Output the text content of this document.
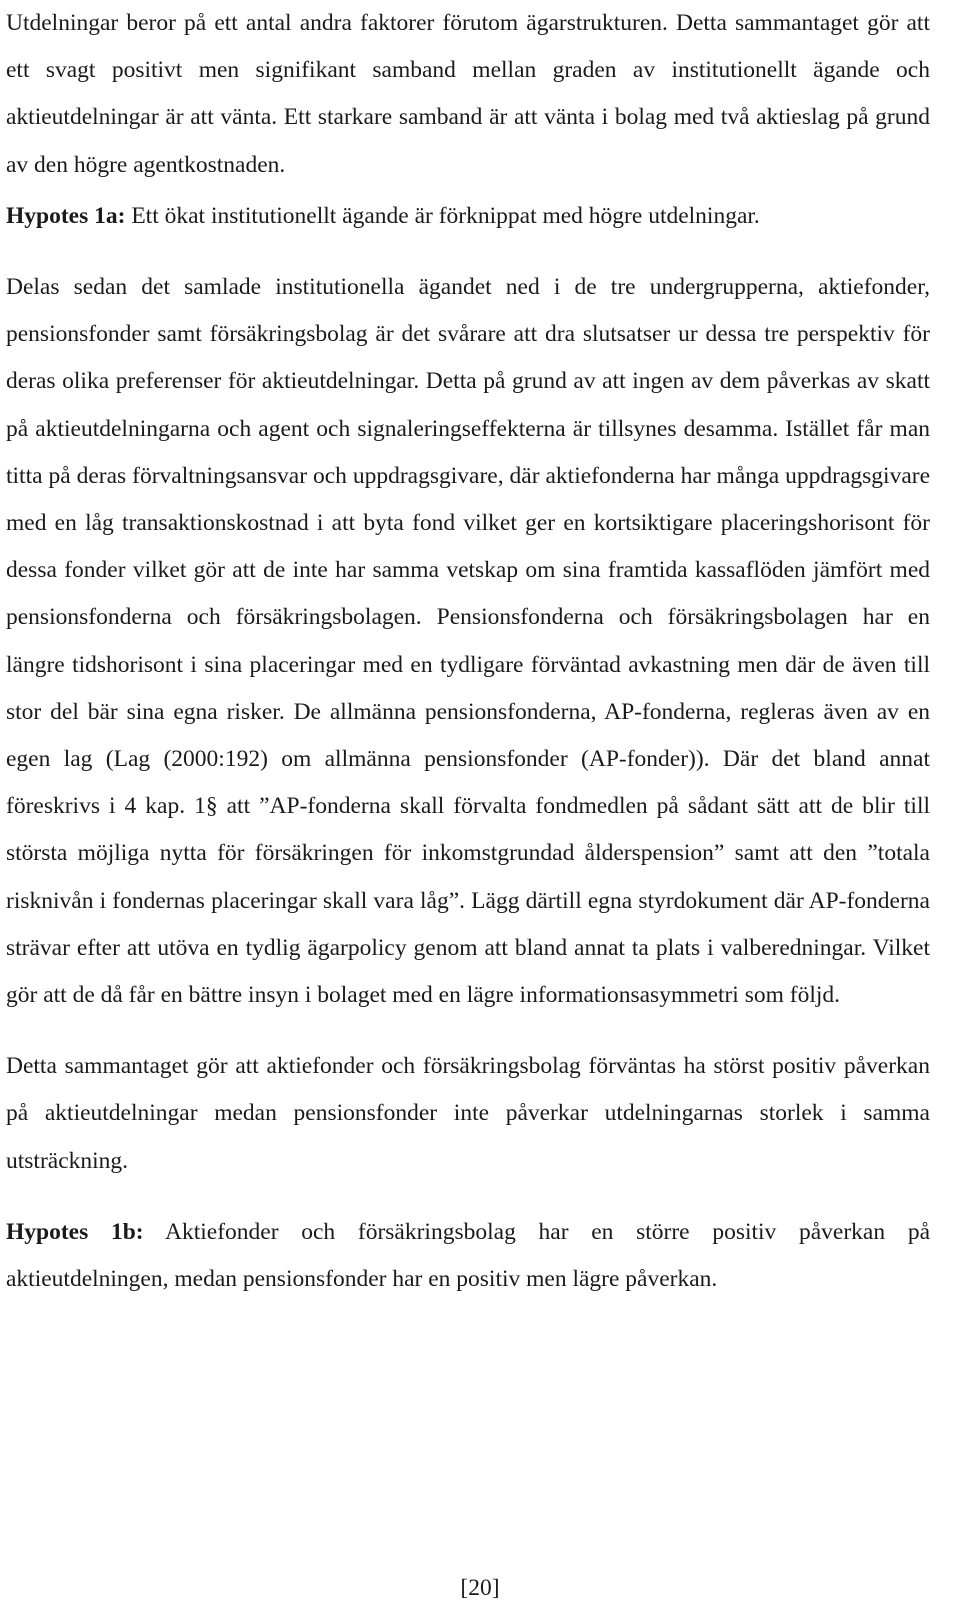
Utdelningar beror på ett antal andra faktorer förutom ägarstrukturen. Detta sammantaget gör att ett svagt positivt men signifikant samband mellan graden av institutionellt ägande och aktieutdelningar är att vänta. Ett starkare samband är att vänta i bolag med två aktieslag på grund av den högre agentkostnaden.

Hypotes 1a: Ett ökat institutionellt ägande är förknippat med högre utdelningar.

Delas sedan det samlade institutionella ägandet ned i de tre undergrupperna, aktiefonder, pensionsfonder samt försäkringsbolag är det svårare att dra slutsatser ur dessa tre perspektiv för deras olika preferenser för aktieutdelningar. Detta på grund av att ingen av dem påverkas av skatt på aktieutdelningarna och agent och signaleringseffekterna är tillsynes desamma. Istället får man titta på deras förvaltningsansvar och uppdragsgivare, där aktiefonderna har många uppdragsgivare med en låg transaktionskostnad i att byta fond vilket ger en kortsiktigare placeringshorisont för dessa fonder vilket gör att de inte har samma vetskap om sina framtida kassaflöden jämfört med pensionsfonderna och försäkringsbolagen. Pensionsfonderna och försäkringsbolagen har en längre tidshorisont i sina placeringar med en tydligare förväntad avkastning men där de även till stor del bär sina egna risker. De allmänna pensionsfonderna, AP-fonderna, regleras även av en egen lag (Lag (2000:192) om allmänna pensionsfonder (AP-fonder)). Där det bland annat föreskrivs i 4 kap. 1§ att ”AP-fonderna skall förvalta fondmedlen på sådant sätt att de blir till största möjliga nytta för försäkringen för inkomstgrundad ålderspension” samt att den ”totala risknivån i fondernas placeringar skall vara låg”. Lägg därtill egna styrdokument där AP-fonderna strävar efter att utöva en tydlig ägarpolicy genom att bland annat ta plats i valberedningar. Vilket gör att de då får en bättre insyn i bolaget med en lägre informationsasymmetri som följd.

Detta sammantaget gör att aktiefonder och försäkringsbolag förväntas ha störst positiv påverkan på aktieutdelningar medan pensionsfonder inte påverkar utdelningarnas storlek i samma utsträckning.

Hypotes 1b: Aktiefonder och försäkringsbolag har en större positiv påverkan på aktieutdelningen, medan pensionsfonder har en positiv men lägre påverkan.

[20]
